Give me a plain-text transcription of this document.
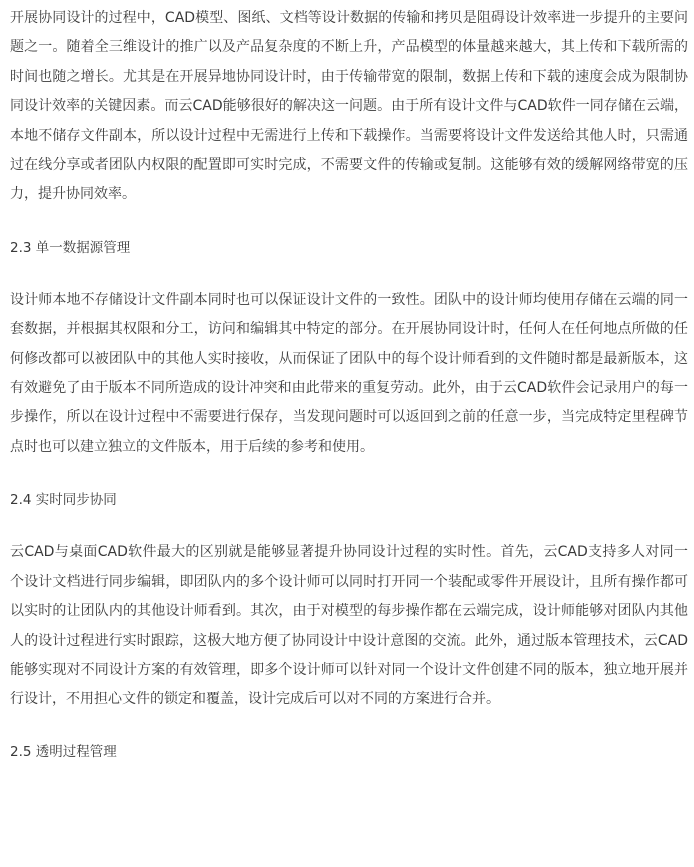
开展协同设计的过程中，CAD模型、图纸、文档等设计数据的传输和拷贝是阻碍设计效率进一步提升的主要问题之一。随着全三维设计的推广以及产品复杂度的不断上升，产品模型的体量越来越大，其上传和下载所需的时间也随之增长。尤其是在开展异地协同设计时，由于传输带宽的限制，数据上传和下载的速度会成为限制协同设计效率的关键因素。而云CAD能够很好的解决这一问题。由于所有设计文件与CAD软件一同存储在云端，本地不储存文件副本，所以设计过程中无需进行上传和下载操作。当需要将设计文件发送给其他人时，只需通过在线分享或者团队内权限的配置即可实时完成，不需要文件的传输或复制。这能够有效的缓解网络带宽的压力，提升协同效率。

2.3 单一数据源管理

设计师本地不存储设计文件副本同时也可以保证设计文件的一致性。团队中的设计师均使用存储在云端的同一套数据，并根据其权限和分工，访问和编辑其中特定的部分。在开展协同设计时，任何人在任何地点所做的任何修改都可以被团队中的其他人实时接收，从而保证了团队中的每个设计师看到的文件随时都是最新版本，这有效避免了由于版本不同所造成的设计冲突和由此带来的重复劳动。此外，由于云CAD软件会记录用户的每一步操作，所以在设计过程中不需要进行保存，当发现问题时可以返回到之前的任意一步，当完成特定里程碑节点时也可以建立独立的文件版本，用于后续的参考和使用。

2.4 实时同步协同

云CAD与桌面CAD软件最大的区别就是能够显著提升协同设计过程的实时性。首先，云CAD支持多人对同一个设计文档进行同步编辑，即团队内的多个设计师可以同时打开同一个装配或零件开展设计，且所有操作都可以实时的让团队内的其他设计师看到。其次，由于对模型的每步操作都在云端完成，设计师能够对团队内其他人的设计过程进行实时跟踪，这极大地方便了协同设计中设计意图的交流。此外，通过版本管理技术，云CAD能够实现对不同设计方案的有效管理，即多个设计师可以针对同一个设计文件创建不同的版本，独立地开展并行设计，不用担心文件的锁定和覆盖，设计完成后可以对不同的方案进行合并。

2.5 透明过程管理
